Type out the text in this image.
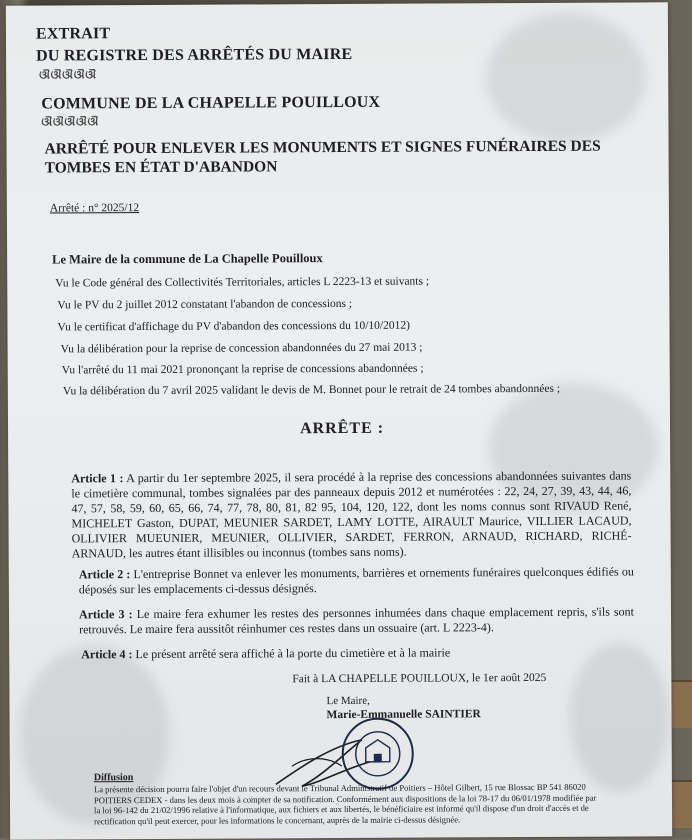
EXTRAIT
DU REGISTRE DES ARRÊTÉS DU MAIRE
ଔଔଔଔଔ
COMMUNE DE LA CHAPELLE POUILLOUX
ଔଔଔଔଔ
ARRÊTÉ POUR ENLEVER LES MONUMENTS ET SIGNES FUNÉRAIRES DES TOMBES EN ÉTAT D'ABANDON
Arrêté : n° 2025/12
Le Maire de la commune de La Chapelle Pouilloux
Vu le Code général des Collectivités Territoriales, articles L 2223-13 et suivants ;
Vu le PV du 2 juillet 2012 constatant l'abandon de concessions ;
Vu le certificat d'affichage du PV d'abandon des concessions du 10/10/2012)
Vu la délibération pour la reprise de concession abandonnées du 27 mai 2013 ;
Vu l'arrêté du 11 mai 2021 prononçant la reprise de concessions abandonnées ;
Vu la délibération du 7 avril 2025 validant le devis de M. Bonnet pour le retrait de 24 tombes abandonnées ;
ARRÊTE :
Article 1 : A partir du 1er septembre 2025, il sera procédé à la reprise des concessions abandonnées suivantes dans le cimetière communal, tombes signalées par des panneaux depuis 2012 et numérotées : 22, 24, 27, 39, 43, 44, 46, 47, 57, 58, 59, 60, 65, 66, 74, 77, 78, 80, 81, 82 95, 104, 120, 122, dont les noms connus sont RIVAUD René, MICHELET Gaston, DUPAT, MEUNIER SARDET, LAMY LOTTE, AIRAULT Maurice, VILLIER LACAUD, OLLIVIER MUEUNIER, MEUNIER, OLLIVIER, SARDET, FERRON, ARNAUD, RICHARD, RICHÉ-ARNAUD, les autres étant illisibles ou inconnus (tombes sans noms).
Article 2 : L'entreprise Bonnet va enlever les monuments, barrières et ornements funéraires quelconques édifiés ou déposés sur les emplacements ci-dessus désignés.
Article 3 : Le maire fera exhumer les restes des personnes inhumées dans chaque emplacement repris, s'ils sont retrouvés. Le maire fera aussitôt réinhumer ces restes dans un ossuaire (art. L 2223-4).
Article 4 : Le présent arrêté sera affiché à la porte du cimetière et à la mairie
Fait à LA CHAPELLE POUILLOUX, le 1er août 2025
Le Maire,
Marie-Emmanuelle SAINTIER
Diffusion
La présente décision pourra faire l'objet d'un recours devant le Tribunal Administratif de Poitiers – Hôtel Gilbert, 15 rue Blossac BP 541 86020 POITIERS CEDEX - dans les deux mois à compter de sa notification. Conformément aux dispositions de la loi 78-17 du 06/01/1978 modifiée par la loi 96-142 du 21/02/1996 relative à l'informatique, aux fichiers et aux libertés, le bénéficiaire est informé qu'il dispose d'un droit d'accès et de rectification qu'il peut exercer, pour les informations le concernant, auprès de la mairie ci-dessus désignée.
